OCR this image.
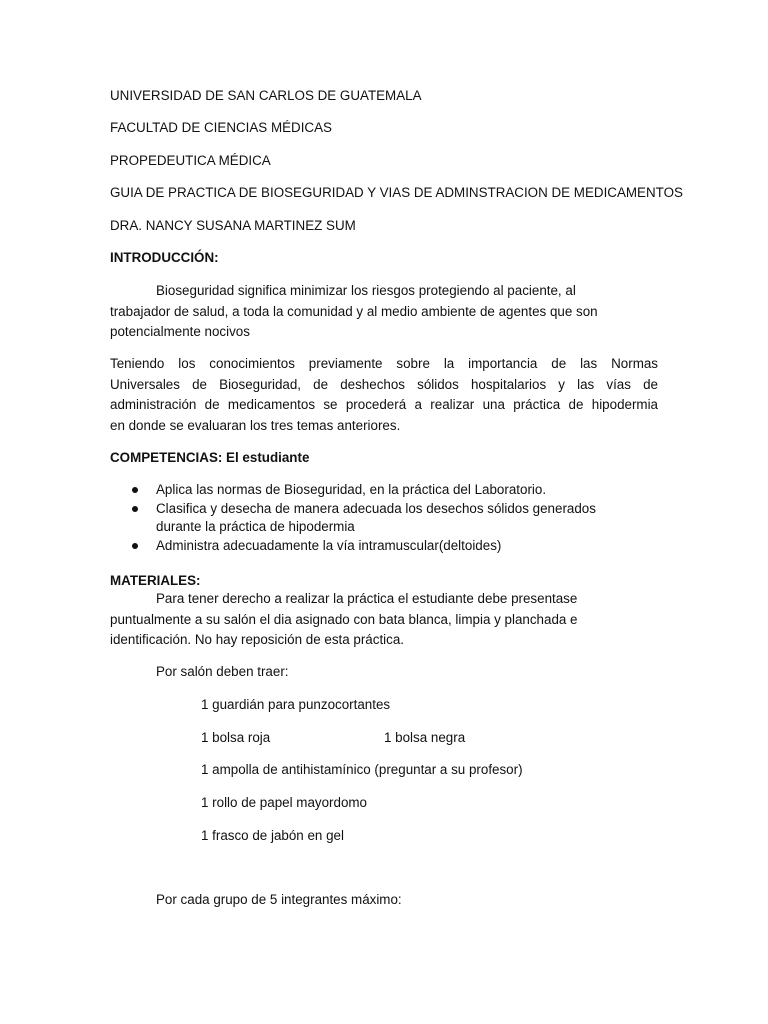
UNIVERSIDAD DE SAN CARLOS DE GUATEMALA
FACULTAD DE CIENCIAS MÉDICAS
PROPEDEUTICA MÉDICA
GUIA DE PRACTICA DE BIOSEGURIDAD Y VIAS DE ADMINSTRACION DE MEDICAMENTOS
DRA. NANCY SUSANA MARTINEZ SUM
INTRODUCCIÓN:
Bioseguridad significa minimizar los riesgos protegiendo al paciente, al
trabajador de salud, a toda la comunidad y al medio ambiente de agentes que son
potencialmente nocivos
Teniendo los conocimientos previamente sobre la importancia de las Normas
Universales de Bioseguridad, de deshechos sólidos hospitalarios y las vías de
administración de medicamentos se procederá a realizar una práctica de hipodermia
en donde se evaluaran los tres temas anteriores.
COMPETENCIAS: El estudiante
Aplica las normas de Bioseguridad, en la práctica del Laboratorio.
Clasifica y desecha de manera adecuada los desechos sólidos generados
durante la práctica de hipodermia
Administra adecuadamente la vía intramuscular(deltoides)
MATERIALES:
Para tener derecho a realizar la práctica el estudiante debe presentase
puntualmente a su salón el dia asignado con bata blanca, limpia y planchada e
identificación. No hay reposición de esta práctica.
Por salón deben traer:
1 guardián para punzocortantes
1 bolsa roja	1 bolsa negra
1 ampolla de antihistamínico (preguntar a su profesor)
1 rollo de papel mayordomo
1 frasco de jabón en gel
Por cada grupo de 5 integrantes máximo:
